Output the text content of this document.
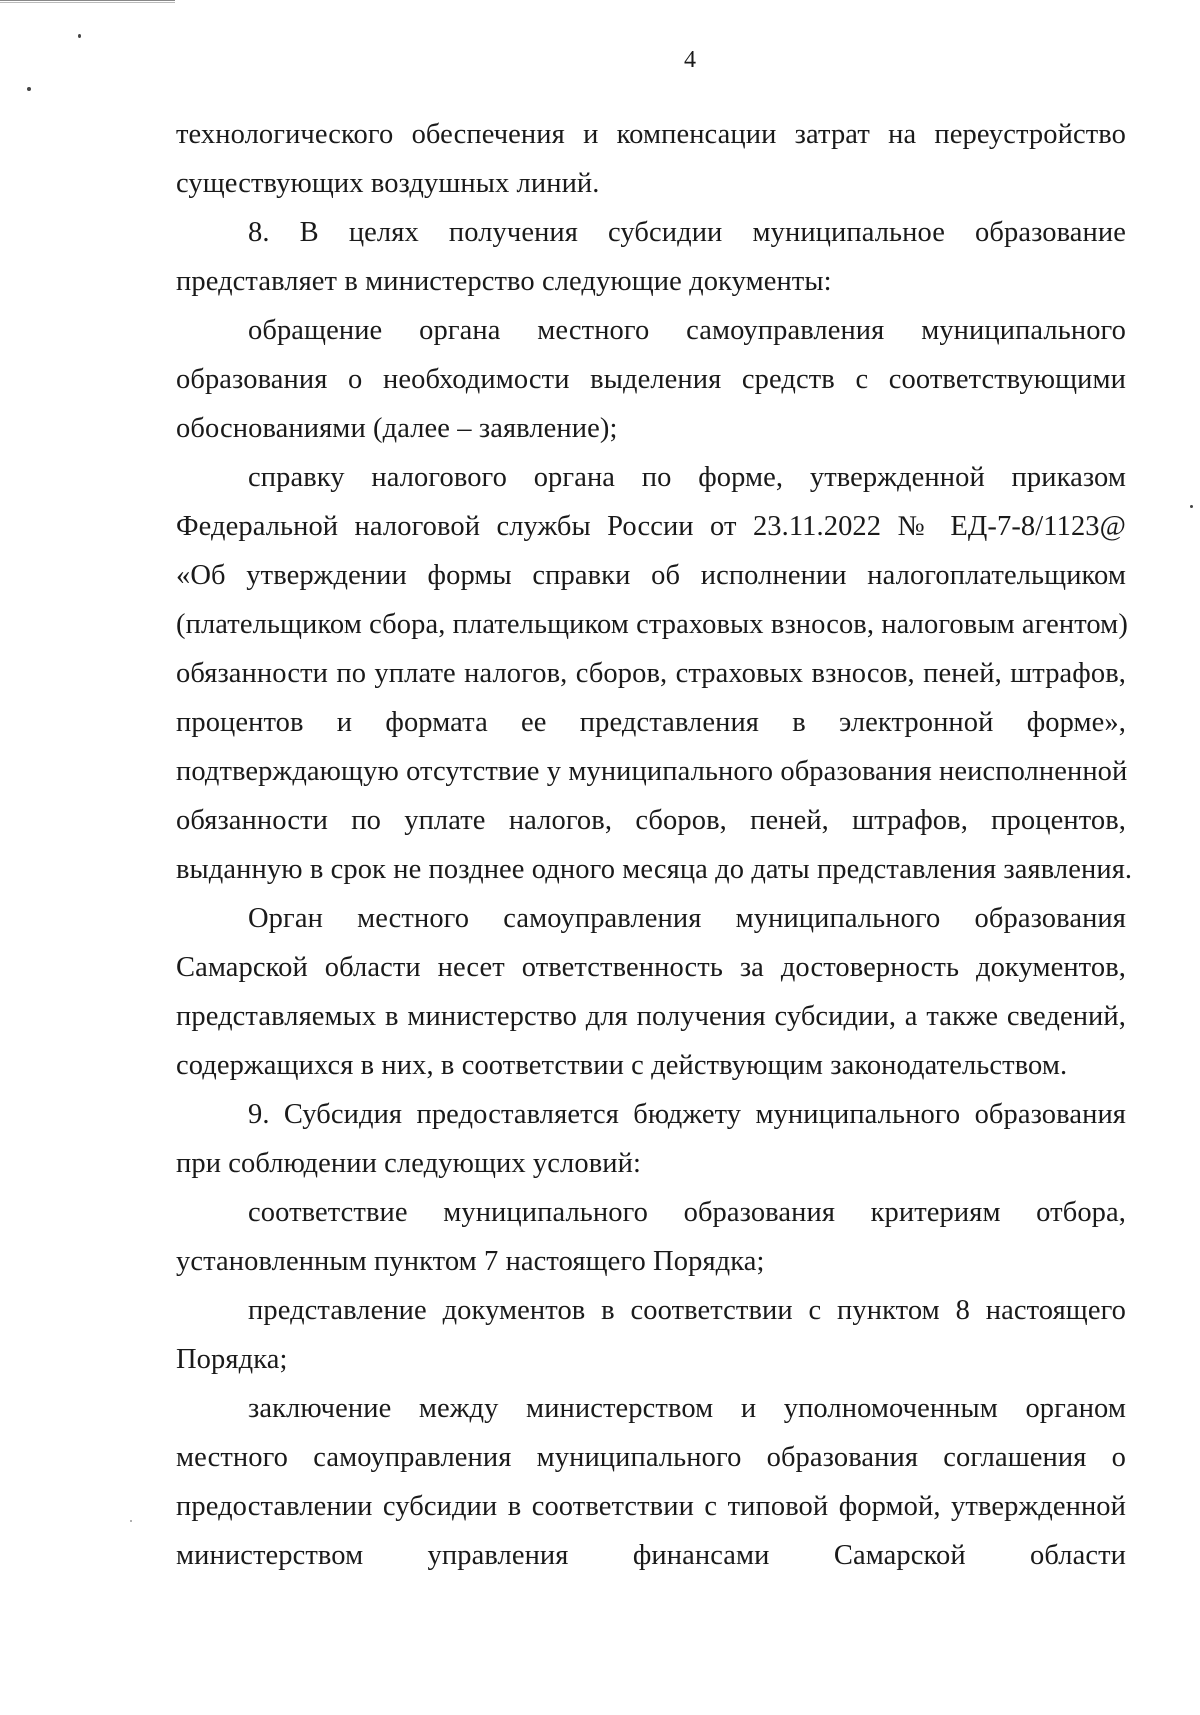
4
технологического обеспечения и компенсации затрат на переустройство
существующих воздушных линий.
8. В целях получения субсидии муниципальное образование
представляет в министерство следующие документы:
обращение органа местного самоуправления муниципального
образования о необходимости выделения средств с соответствующими
обоснованиями (далее – заявление);
справку налогового органа по форме, утвержденной приказом
Федеральной налоговой службы России от 23.11.2022 № ЕД-7-8/1123@
«Об утверждении формы справки об исполнении налогоплательщиком
(плательщиком сбора, плательщиком страховых взносов, налоговым агентом)
обязанности по уплате налогов, сборов, страховых взносов, пеней, штрафов,
процентов и формата ее представления в электронной форме»,
подтверждающую отсутствие у муниципального образования неисполненной
обязанности по уплате налогов, сборов, пеней, штрафов, процентов,
выданную в срок не позднее одного месяца до даты представления заявления.
Орган местного самоуправления муниципального образования
Самарской области несет ответственность за достоверность документов,
представляемых в министерство для получения субсидии, а также сведений,
содержащихся в них, в соответствии с действующим законодательством.
9. Субсидия предоставляется бюджету муниципального образования
при соблюдении следующих условий:
соответствие муниципального образования критериям отбора,
установленным пунктом 7 настоящего Порядка;
представление документов в соответствии с пунктом 8 настоящего
Порядка;
заключение между министерством и уполномоченным органом
местного самоуправления муниципального образования соглашения о
предоставлении субсидии в соответствии с типовой формой, утвержденной
министерством управления финансами Самарской области
